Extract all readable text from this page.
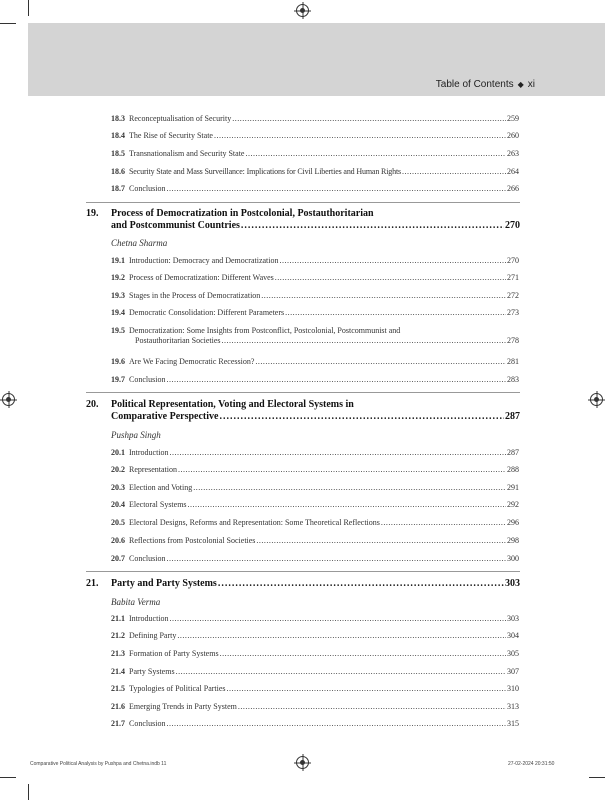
Table of Contents ◆ xi
18.3 Reconceptualisation of Security .....	259
18.4 The Rise of Security State .....	260
18.5 Transnationalism and Security State .....	263
18.6 Security State and Mass Surveillance: Implications for Civil Liberties and Human Rights .....	264
18.7 Conclusion .....	266
19. Process of Democratization in Postcolonial, Postauthoritarian
and Postcommunist Countries .....	270
Chetna Sharma
19.1 Introduction: Democracy and Democratization .....	270
19.2 Process of Democratization: Different Waves .....	271
19.3 Stages in the Process of Democratization .....	272
19.4 Democratic Consolidation: Different Parameters .....	273
19.5 Democratization: Some Insights from Postconflict, Postcolonial, Postcommunist and
Postauthoritarian Societies .....	278
19.6 Are We Facing Democratic Recession? .....	281
19.7 Conclusion .....	283
20. Political Representation, Voting and Electoral Systems in
Comparative Perspective .....	287
Pushpa Singh
20.1 Introduction .....	287
20.2 Representation .....	288
20.3 Election and Voting .....	291
20.4 Electoral Systems .....	292
20.5 Electoral Designs, Reforms and Representation: Some Theoretical Reflections .....	296
20.6 Reflections from Postcolonial Societies .....	298
20.7 Conclusion .....	300
21. Party and Party Systems .....	303
Babita Verma
21.1 Introduction .....	303
21.2 Defining Party .....	304
21.3 Formation of Party Systems .....	305
21.4 Party Systems .....	307
21.5 Typologies of Political Parties .....	310
21.6 Emerging Trends in Party System .....	313
21.7 Conclusion .....	315
Comparative Political Analysis by Pushpa and Chetna.indb 11	27-02-2024 20:31:50
